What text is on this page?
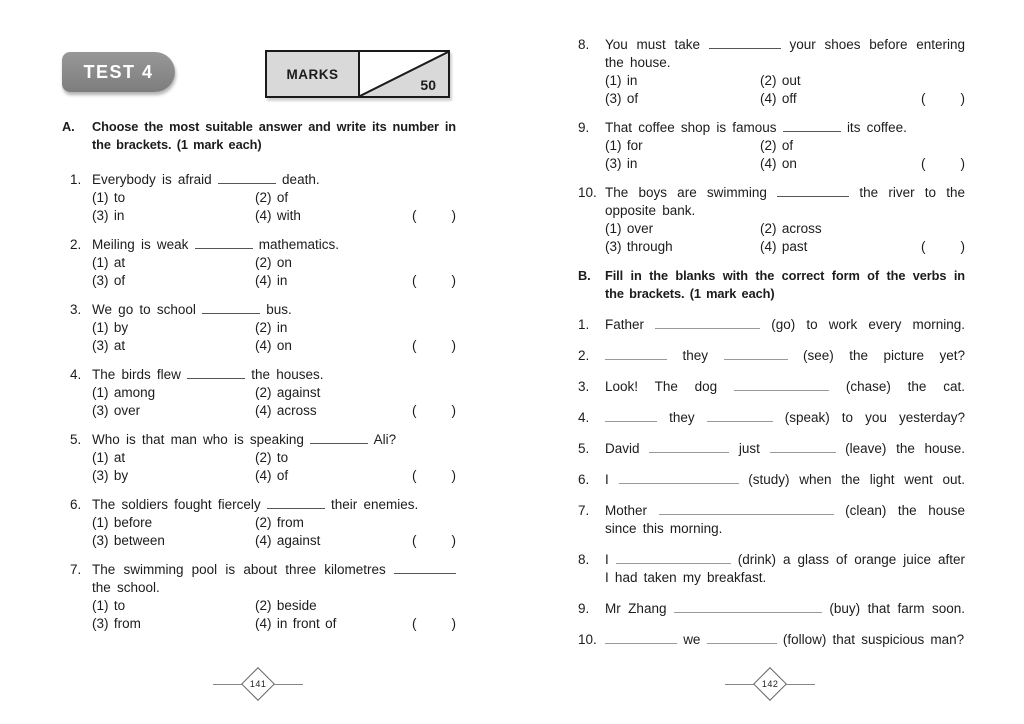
TEST 4	MARKS
50
A.	Choose the most suitable answer and write its number in the brackets. (1 mark each)
1. Everybody is afraid	death.
(1) to	(2) of
(3) in	(4) with	(	)
2. Meiling is weak	mathematics.
(1) at	(2) on
(3) of	(4) in	(	)
3. We go to school	bus.
(1) by	(2) in
(3) at	(4) on	(	)
4. The birds flew	the houses.
(1) among	(2) against
(3) over	(4) across	(	)
5. Who is that man who is speaking	Ali?
(1) at	(2) to
(3) by	(4) of	(	)
6. The soldiers fought fiercely	their enemies.
(1) before	(2) from
(3) between	(4) against	(	)
7. The swimming pool is about three kilometres  the school.
(1) to	(2) beside
(3) from	(4) in front of	(	)
141
8.	You must take	your shoes before entering the house.
(1) in	(2) out
(3) of	(4) off	(	)
9.	That coffee shop is famous	its coffee.
(1) for	(2) of
(3) in	(4) on	(	)
10. The boys are swimming	the river to the opposite bank.
(1) over	(2) across
(3) through	(4) past	(	)
B.	Fill in the blanks with the correct form of the verbs in the brackets. (1 mark each)
1.	Father	(go) to work every morning.
2.	they	(see) the picture yet?
3.	Look! The dog	(chase) the cat.
4.	they	(speak) to you yesterday?
5.	David	just	(leave) the house.
6.	I	(study) when the light went out.
7.	Mother	(clean) the house since this morning.
8.	I	(drink) a glass of orange juice after I had taken my breakfast.
9.	Mr Zhang	(buy) that farm soon.
10.	we	(follow) that suspicious man?
142
